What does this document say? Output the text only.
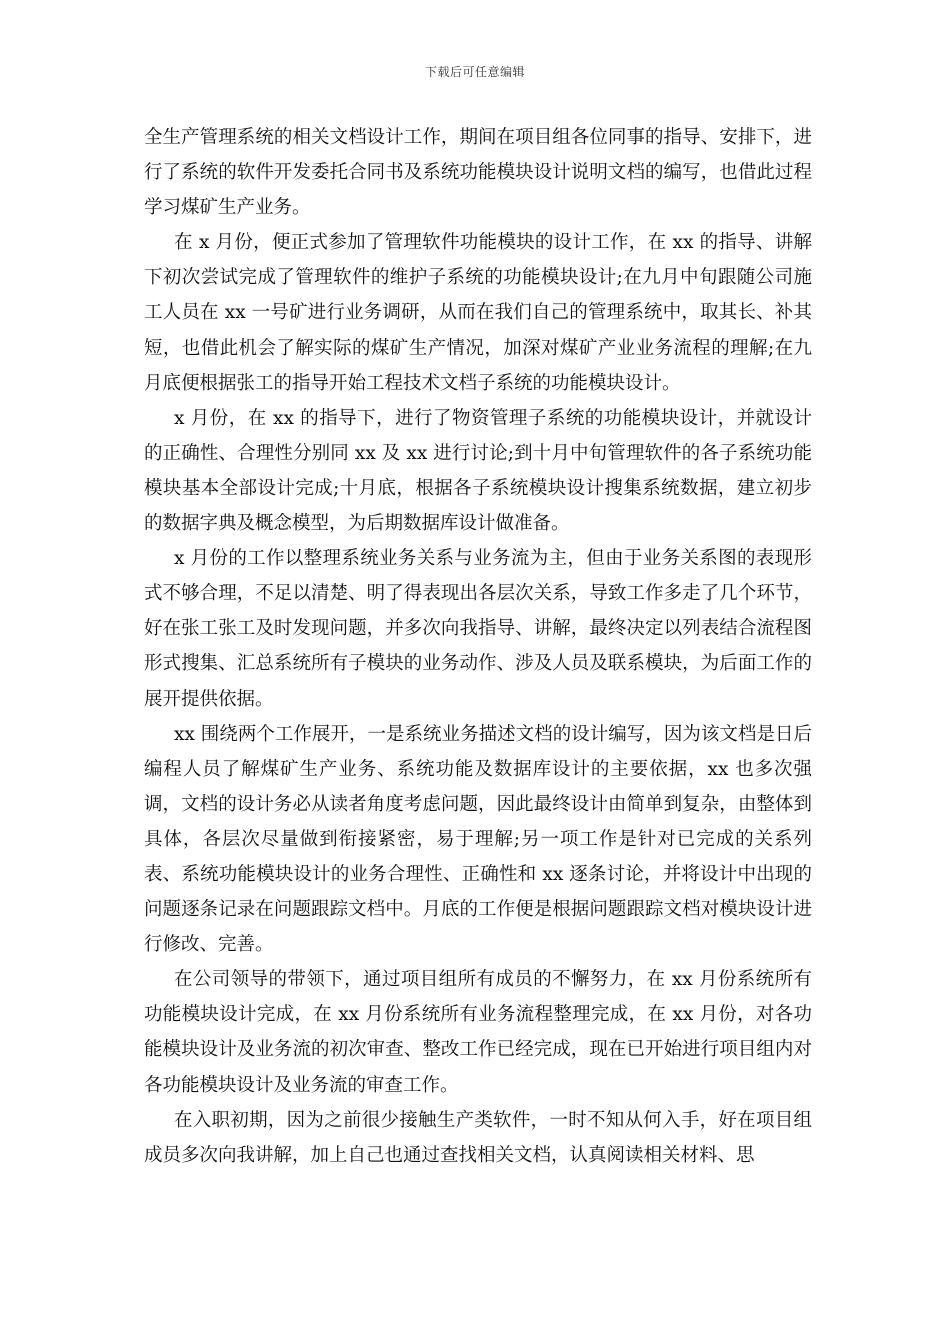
下载后可任意编辑

全生产管理系统的相关文档设计工作，期间在项目组各位同事的指导、安排下，进行了系统的软件开发委托合同书及系统功能模块设计说明文档的编写，也借此过程学习煤矿生产业务。

在 x 月份，便正式参加了管理软件功能模块的设计工作，在 xx 的指导、讲解下初次尝试完成了管理软件的维护子系统的功能模块设计;在九月中旬跟随公司施工人员在 xx 一号矿进行业务调研，从而在我们自己的管理系统中，取其长、补其短，也借此机会了解实际的煤矿生产情况，加深对煤矿产业业务流程的理解;在九月底便根据张工的指导开始工程技术文档子系统的功能模块设计。

x 月份，在 xx 的指导下，进行了物资管理子系统的功能模块设计，并就设计的正确性、合理性分别同 xx 及 xx 进行讨论;到十月中旬管理软件的各子系统功能模块基本全部设计完成;十月底，根据各子系统模块设计搜集系统数据，建立初步的数据字典及概念模型，为后期数据库设计做准备。

x 月份的工作以整理系统业务关系与业务流为主，但由于业务关系图的表现形式不够合理，不足以清楚、明了得表现出各层次关系，导致工作多走了几个环节，好在张工张工及时发现问题，并多次向我指导、讲解，最终决定以列表结合流程图形式搜集、汇总系统所有子模块的业务动作、涉及人员及联系模块，为后面工作的展开提供依据。

xx 围绕两个工作展开，一是系统业务描述文档的设计编写，因为该文档是日后编程人员了解煤矿生产业务、系统功能及数据库设计的主要依据，xx 也多次强调，文档的设计务必从读者角度考虑问题，因此最终设计由简单到复杂，由整体到具体，各层次尽量做到衔接紧密，易于理解;另一项工作是针对已完成的关系列表、系统功能模块设计的业务合理性、正确性和 xx 逐条讨论，并将设计中出现的问题逐条记录在问题跟踪文档中。月底的工作便是根据问题跟踪文档对模块设计进行修改、完善。

在公司领导的带领下，通过项目组所有成员的不懈努力，在 xx 月份系统所有功能模块设计完成，在 xx 月份系统所有业务流程整理完成，在 xx 月份，对各功能模块设计及业务流的初次审查、整改工作已经完成，现在已开始进行项目组内对各功能模块设计及业务流的审查工作。

在入职初期，因为之前很少接触生产类软件，一时不知从何入手，好在项目组成员多次向我讲解，加上自己也通过查找相关文档，认真阅读相关材料、思
